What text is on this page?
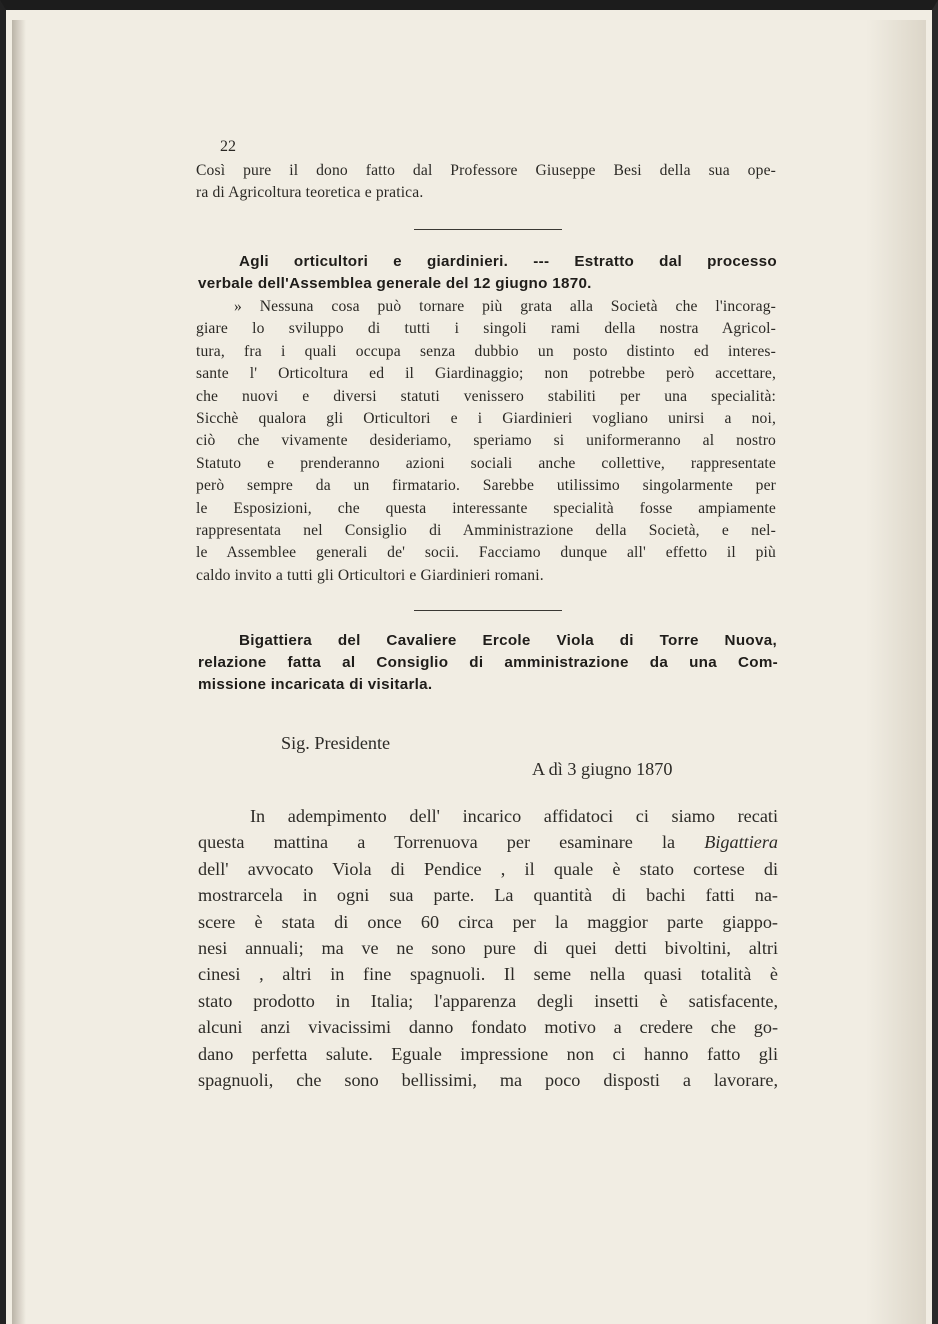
22
Così pure il dono fatto dal Professore Giuseppe Besi della sua ope-
ra di Agricoltura teoretica e pratica.
Agli orticultori e giardinieri. --- Estratto dal processo
verbale dell'Assemblea generale del 12 giugno 1870.
» Nessuna cosa può tornare più grata alla Società che l'incorag-
giare lo sviluppo di tutti i singoli rami della nostra Agricol-
tura, fra i quali occupa senza dubbio un posto distinto ed interes-
sante l' Orticoltura ed il Giardinaggio; non potrebbe però accettare,
che nuovi e diversi statuti venissero stabiliti per una specialità:
Sicchè qualora gli Orticultori e i Giardinieri vogliano unirsi a noi,
ciò che vivamente desideriamo, speriamo si uniformeranno al nostro
Statuto e prenderanno azioni sociali anche collettive, rappresentate
però sempre da un firmatario. Sarebbe utilissimo singolarmente per
le Esposizioni, che questa interessante specialità fosse ampiamente
rappresentata nel Consiglio di Amministrazione della Società, e nel-
le Assemblee generali de' socii. Facciamo dunque all' effetto il più
caldo invito a tutti gli Orticultori e Giardinieri romani.
Bigattiera del Cavaliere Ercole Viola di Torre Nuova,
relazione fatta al Consiglio di amministrazione da una Com-
missione incaricata di visitarla.
Sig. Presidente
A dì 3 giugno 1870
In adempimento dell' incarico affidatoci ci siamo recati
questa mattina a Torrenuova per esaminare la Bigattiera
dell' avvocato Viola di Pendice , il quale è stato cortese di
mostrarcela in ogni sua parte. La quantità di bachi fatti na-
scere è stata di once 60 circa per la maggior parte giappo-
nesi annuali; ma ve ne sono pure di quei detti bivoltini, altri
cinesi , altri in fine spagnuoli. Il seme nella quasi totalità è
stato prodotto in Italia; l'apparenza degli insetti è satisfacente,
alcuni anzi vivacissimi danno fondato motivo a credere che go-
dano perfetta salute. Eguale impressione non ci hanno fatto gli
spagnuoli, che sono bellissimi, ma poco disposti a lavorare,
